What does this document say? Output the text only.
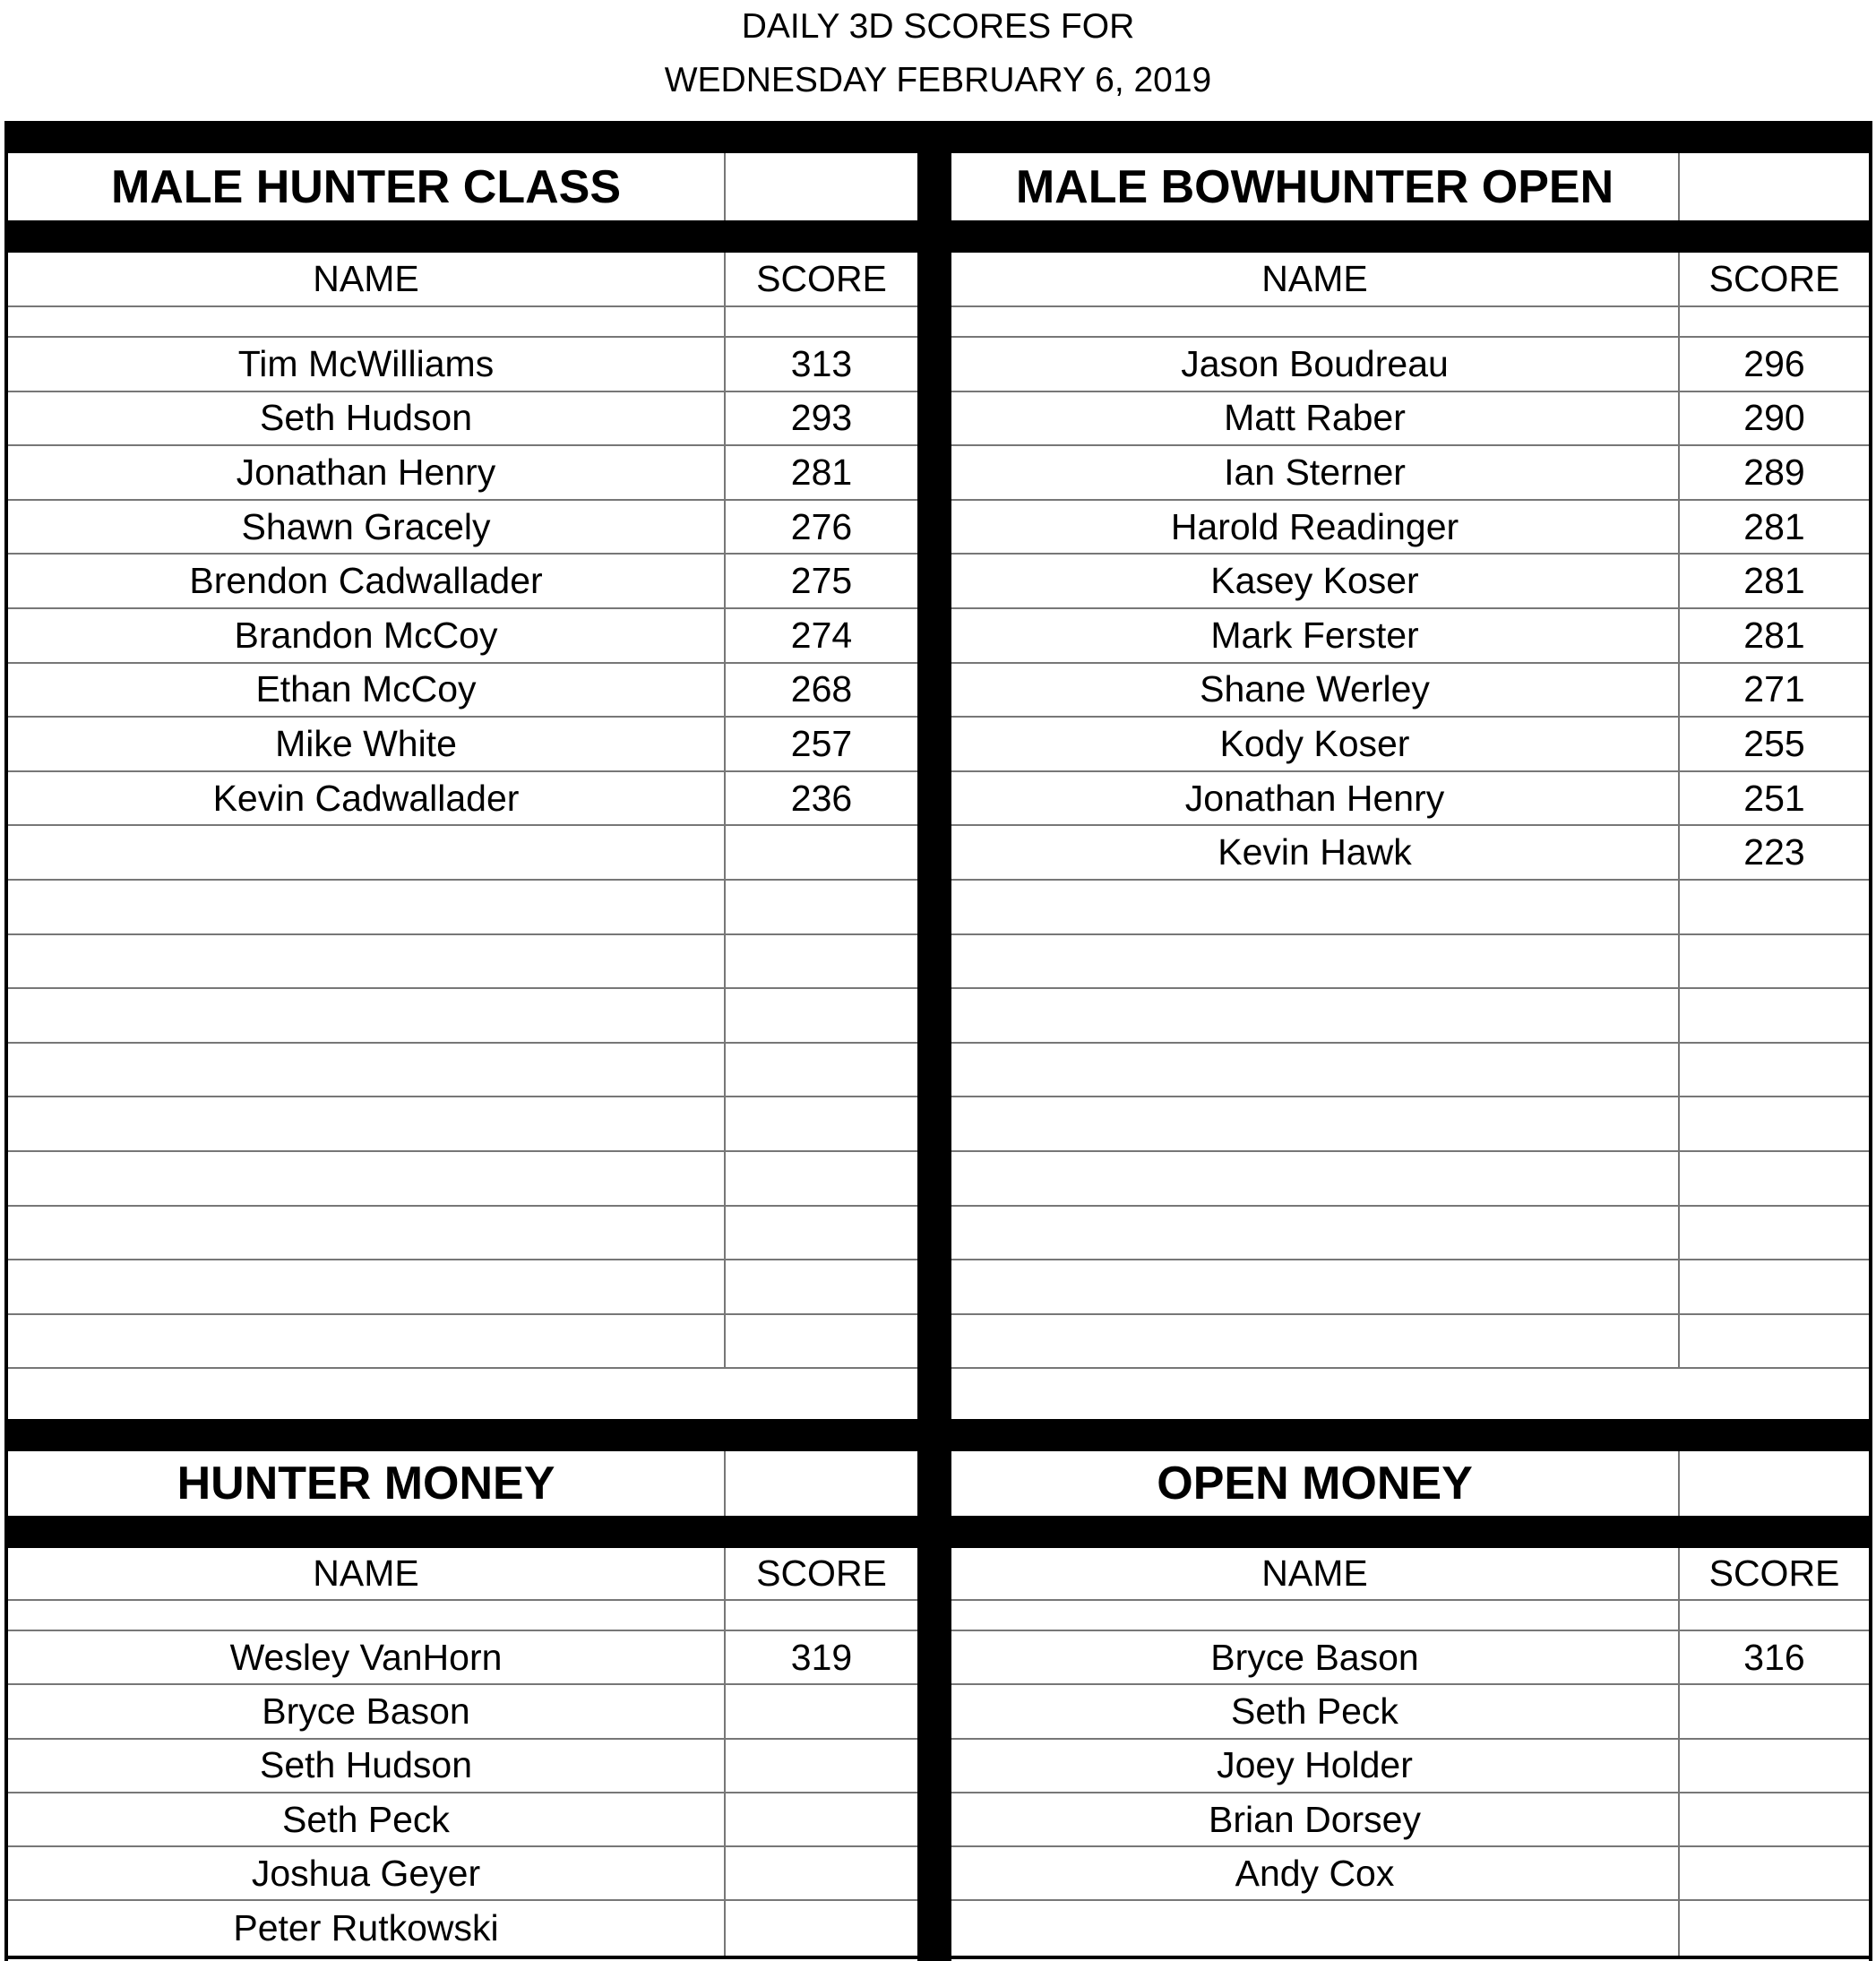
DAILY 3D SCORES FOR
WEDNESDAY FEBRUARY 6, 2019
MALE HUNTER CLASS
NAME	SCORE
Tim McWilliams	313
Seth Hudson	293
Jonathan Henry	281
Shawn Gracely	276
Brendon Cadwallader	275
Brandon McCoy	274
Ethan McCoy	268
Mike White	257
Kevin Cadwallader	236
MALE BOWHUNTER OPEN
NAME	SCORE
Jason Boudreau	296
Matt Raber	290
Ian Sterner	289
Harold Readinger	281
Kasey Koser	281
Mark Ferster	281
Shane Werley	271
Kody Koser	255
Jonathan Henry	251
Kevin Hawk	223
HUNTER MONEY
NAME	SCORE
Wesley VanHorn	319
Bryce Bason
Seth Hudson
Seth Peck
Joshua Geyer
Peter Rutkowski
OPEN MONEY
NAME	SCORE
Bryce Bason	316
Seth Peck
Joey Holder
Brian Dorsey
Andy Cox
